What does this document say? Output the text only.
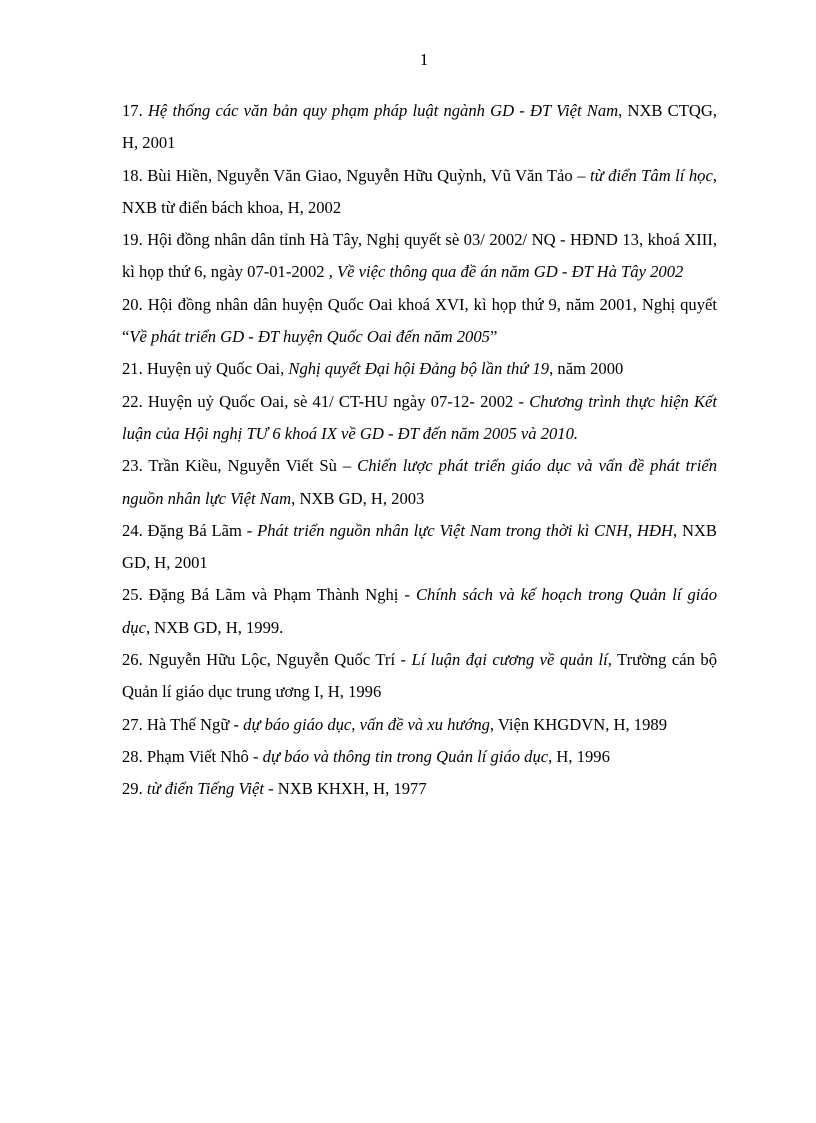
1

17. Hệ thống các văn bản quy phạm pháp luật ngành GD - ĐT Việt Nam, NXB CTQG, H, 2001

18. Bùi Hiền, Nguyễn Văn Giao, Nguyễn Hữu Quỳnh, Vũ Văn Tảo – từ điển Tâm lí học, NXB từ điển bách khoa, H, 2002

19. Hội đồng nhân dân tỉnh Hà Tây, Nghị quyết sè 03/ 2002/ NQ - HĐND 13, khoá XIII, kì họp thứ 6, ngày 07-01-2002 , Về việc thông qua đề án năm GD - ĐT Hà Tây 2002

20. Hội đồng nhân dân huyện Quốc Oai khoá XVI, kì họp thứ 9, năm 2001, Nghị quyết “Về phát triển GD - ĐT huyện Quốc Oai đến năm 2005”

21. Huyện uỷ Quốc Oai, Nghị quyết Đại hội Đảng bộ lần thứ 19, năm 2000

22. Huyện uỷ Quốc Oai, sè 41/ CT-HU ngày 07-12- 2002 - Chương trình thực hiện Kết luận của Hội nghị TƯ 6 khoá IX về GD - ĐT đến năm 2005 và 2010.

23. Trần Kiều, Nguyễn Viết Sù – Chiến lược phát triển giáo dục và vấn đề phát triển nguồn nhân lực Việt Nam, NXB GD, H, 2003

24. Đặng Bá Lãm - Phát triển nguồn nhân lực Việt Nam trong thời kì CNH, HĐH, NXB GD, H, 2001

25. Đặng Bá Lãm và Phạm Thành Nghị - Chính sách và kế hoạch trong Quản lí giáo dục, NXB GD, H, 1999.

26. Nguyễn Hữu Lộc, Nguyễn Quốc Trí - Lí luận đại cương về quản lí, Trường cán bộ Quản lí giáo dục trung ương I, H, 1996

27. Hà Thế Ngữ - dự báo giáo dục, vấn đề và xu hướng, Viện KHGDVN, H, 1989

28. Phạm Viết Nhô - dự báo và thông tin trong Quản lí giáo dục, H, 1996

29. từ điển Tiếng Việt - NXB KHXH, H, 1977
